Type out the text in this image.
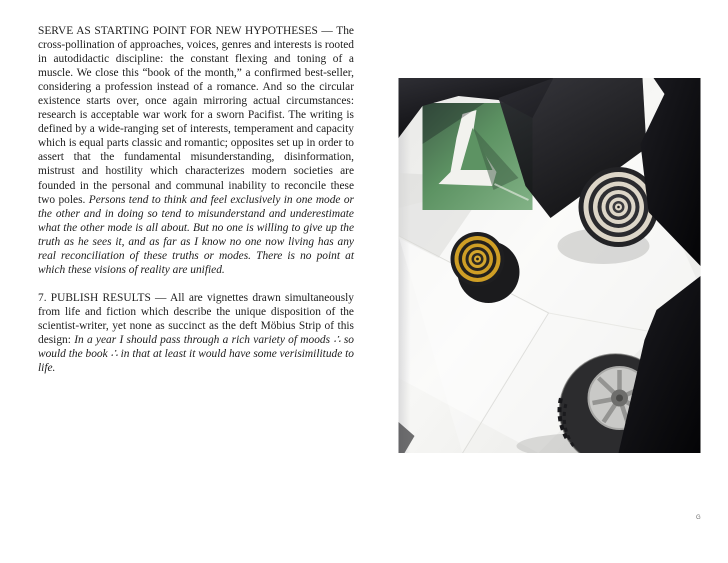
SERVE AS STARTING POINT FOR NEW HYPOTHESES — The cross-pollination of approaches, voices, genres and interests is rooted in autodidactic discipline: the constant flexing and toning of a muscle. We close this “book of the month,” a confirmed best-seller, considering a profession instead of a romance. And so the circular existence starts over, once again mirroring actual circumstances: research is acceptable war work for a sworn Pacifist. The writing is defined by a wide-ranging set of interests, temperament and capacity which is equal parts classic and romantic; opposites set up in order to assert that the fundamental misunderstanding, disinformation, mistrust and hostility which characterizes modern societies are founded in the personal and communal inability to reconcile these two poles. Persons tend to think and feel exclusively in one mode or the other and in doing so tend to misunderstand and underestimate what the other mode is all about. But no one is willing to give up the truth as he sees it, and as far as I know no one now living has any real reconciliation of these truths or modes. There is no point at which these visions of reality are unified.

7. PUBLISH RESULTS — All are vignettes drawn simultaneously from life and fiction which describe the unique disposition of the scientist-writer, yet none as succinct as the deft Möbius Strip of this design: In a year I should pass through a rich variety of moods ∴ so would the book ∴ in that at least it would have some verisimilitude to life.

G
